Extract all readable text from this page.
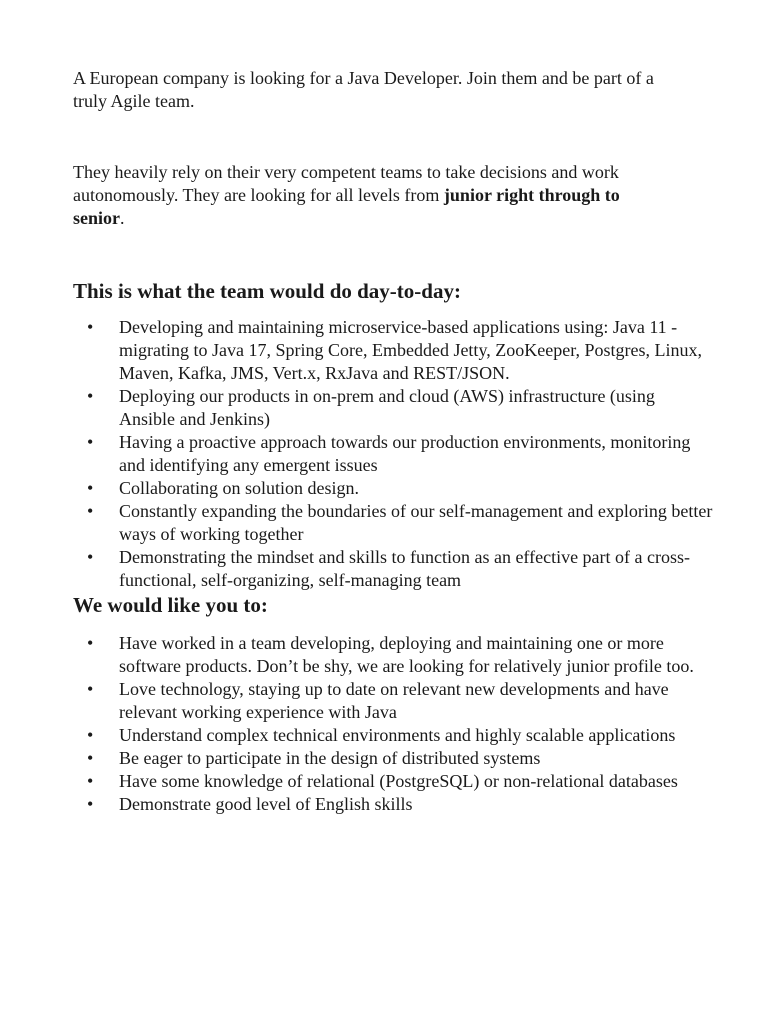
A European company is looking for a Java Developer. Join them and be part of a truly Agile team.

They heavily rely on their very competent teams to take decisions and work autonomously. They are looking for all levels from junior right through to senior.

This is what the team would do day-to-day:
• Developing and maintaining microservice-based applications using: Java 11 - migrating to Java 17, Spring Core, Embedded Jetty, ZooKeeper, Postgres, Linux, Maven, Kafka, JMS, Vert.x, RxJava and REST/JSON.
• Deploying our products in on-prem and cloud (AWS) infrastructure (using Ansible and Jenkins)
• Having a proactive approach towards our production environments, monitoring and identifying any emergent issues
• Collaborating on solution design.
• Constantly expanding the boundaries of our self-management and exploring better ways of working together
• Demonstrating the mindset and skills to function as an effective part of a cross-functional, self-organizing, self-managing team
We would like you to:
• Have worked in a team developing, deploying and maintaining one or more software products. Don’t be shy, we are looking for relatively junior profile too.
• Love technology, staying up to date on relevant new developments and have relevant working experience with Java
• Understand complex technical environments and highly scalable applications
• Be eager to participate in the design of distributed systems
• Have some knowledge of relational (PostgreSQL) or non-relational databases
• Demonstrate good level of English skills
